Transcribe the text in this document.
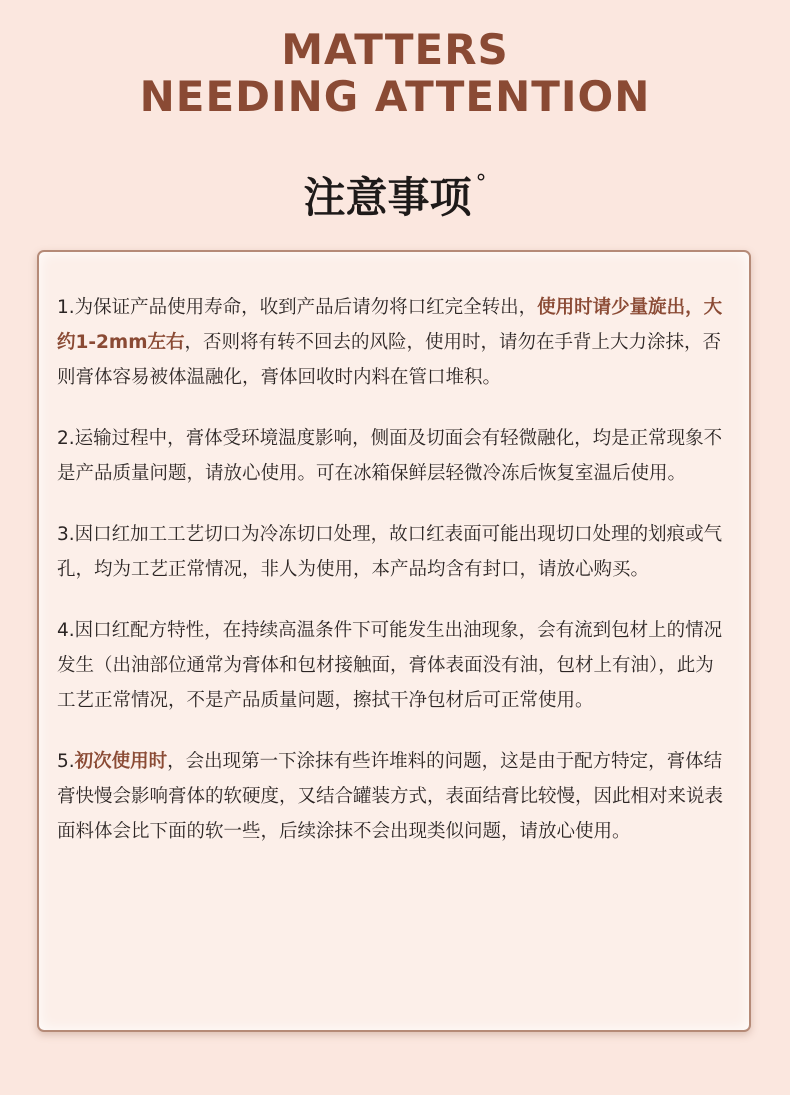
MATTERS
NEEDING ATTENTION
注意事项 °

1.为保证产品使用寿命，收到产品后请勿将口红完全转出，使用时请少量旋出，大约1-2mm左右，否则将有转不回去的风险，使用时，请勿在手背上大力涂抹，否则膏体容易被体温融化，膏体回收时内料在管口堆积。

2.运输过程中，膏体受环境温度影响，侧面及切面会有轻微融化，均是正常现象不是产品质量问题，请放心使用。可在冰箱保鲜层轻微冷冻后恢复室温后使用。

3.因口红加工工艺切口为冷冻切口处理，故口红表面可能出现切口处理的划痕或气孔，均为工艺正常情况，非人为使用，本产品均含有封口，请放心购买。

4.因口红配方特性，在持续高温条件下可能发生出油现象，会有流到包材上的情况发生（出油部位通常为膏体和包材接触面，膏体表面没有油，包材上有油），此为工艺正常情况，不是产品质量问题，擦拭干净包材后可正常使用。

5.初次使用时，会出现第一下涂抹有些许堆料的问题，这是由于配方特定，膏体结膏快慢会影响膏体的软硬度，又结合罐装方式，表面结膏比较慢，因此相对来说表面料体会比下面的软一些，后续涂抹不会出现类似问题，请放心使用。
